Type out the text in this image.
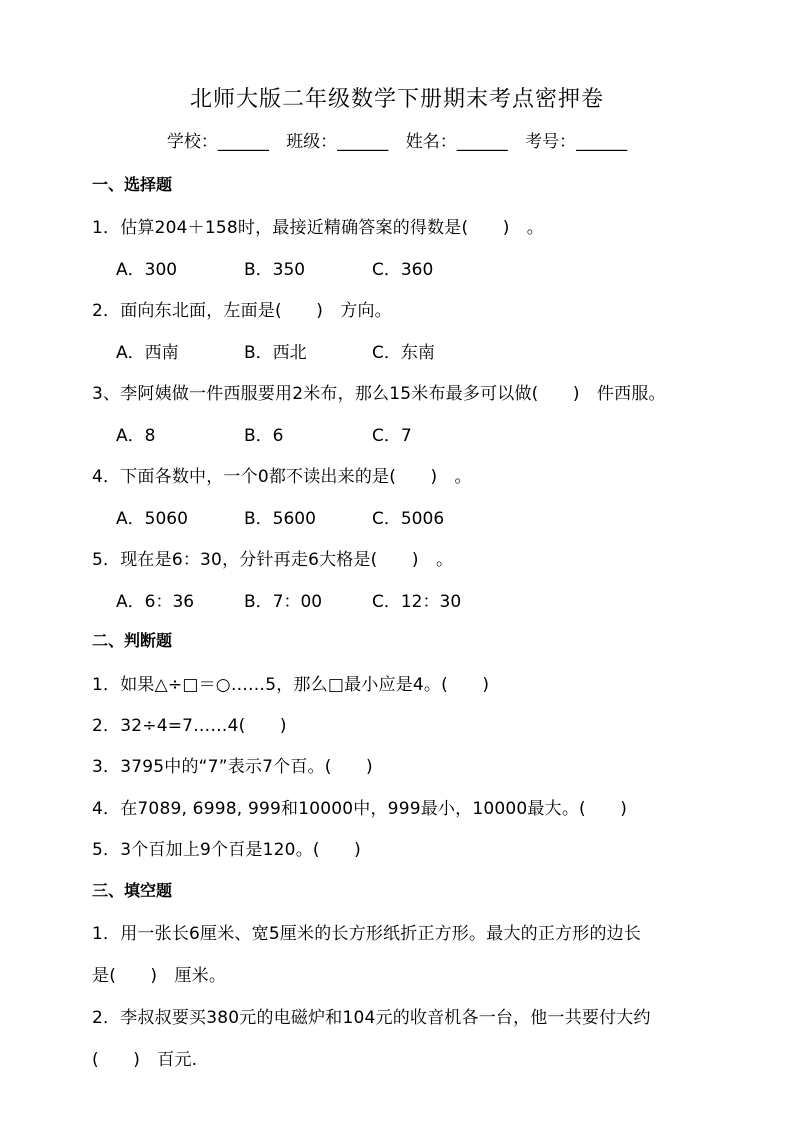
北师大版二年级数学下册期末考点密押卷
学校：______ 班级：______ 姓名：______ 考号：______
一、选择题
1．估算204＋158时，最接近精确答案的得数是(　　)　。
A．300	B．350	C．360
2．面向东北面，左面是(　　)　方向。
A．西南	B．西北	C．东南
3、李阿姨做一件西服要用2米布，那么15米布最多可以做(　　)　件西服。
A．8	B．6	C．7
4．下面各数中，一个0都不读出来的是(　　)　。
A．5060	B．5600	C．5006
5．现在是6：30，分针再走6大格是(　　)　。
A．6：36	B．7：00	C．12：30
二、判断题
1．如果△÷□＝○……5，那么□最小应是4。(　　)
2．32÷4=7……4(　　)
3．3795中的“7”表示7个百。(　　)
4．在7089, 6998, 999和10000中，999最小，10000最大。(　　)
5．3个百加上9个百是120。(　　)
三、填空题
1．用一张长6厘米、宽5厘米的长方形纸折正方形。最大的正方形的边长
是(　　)　厘米。
2．李叔叔要买380元的电磁炉和104元的收音机各一台，他一共要付大约
(　　)　百元.
